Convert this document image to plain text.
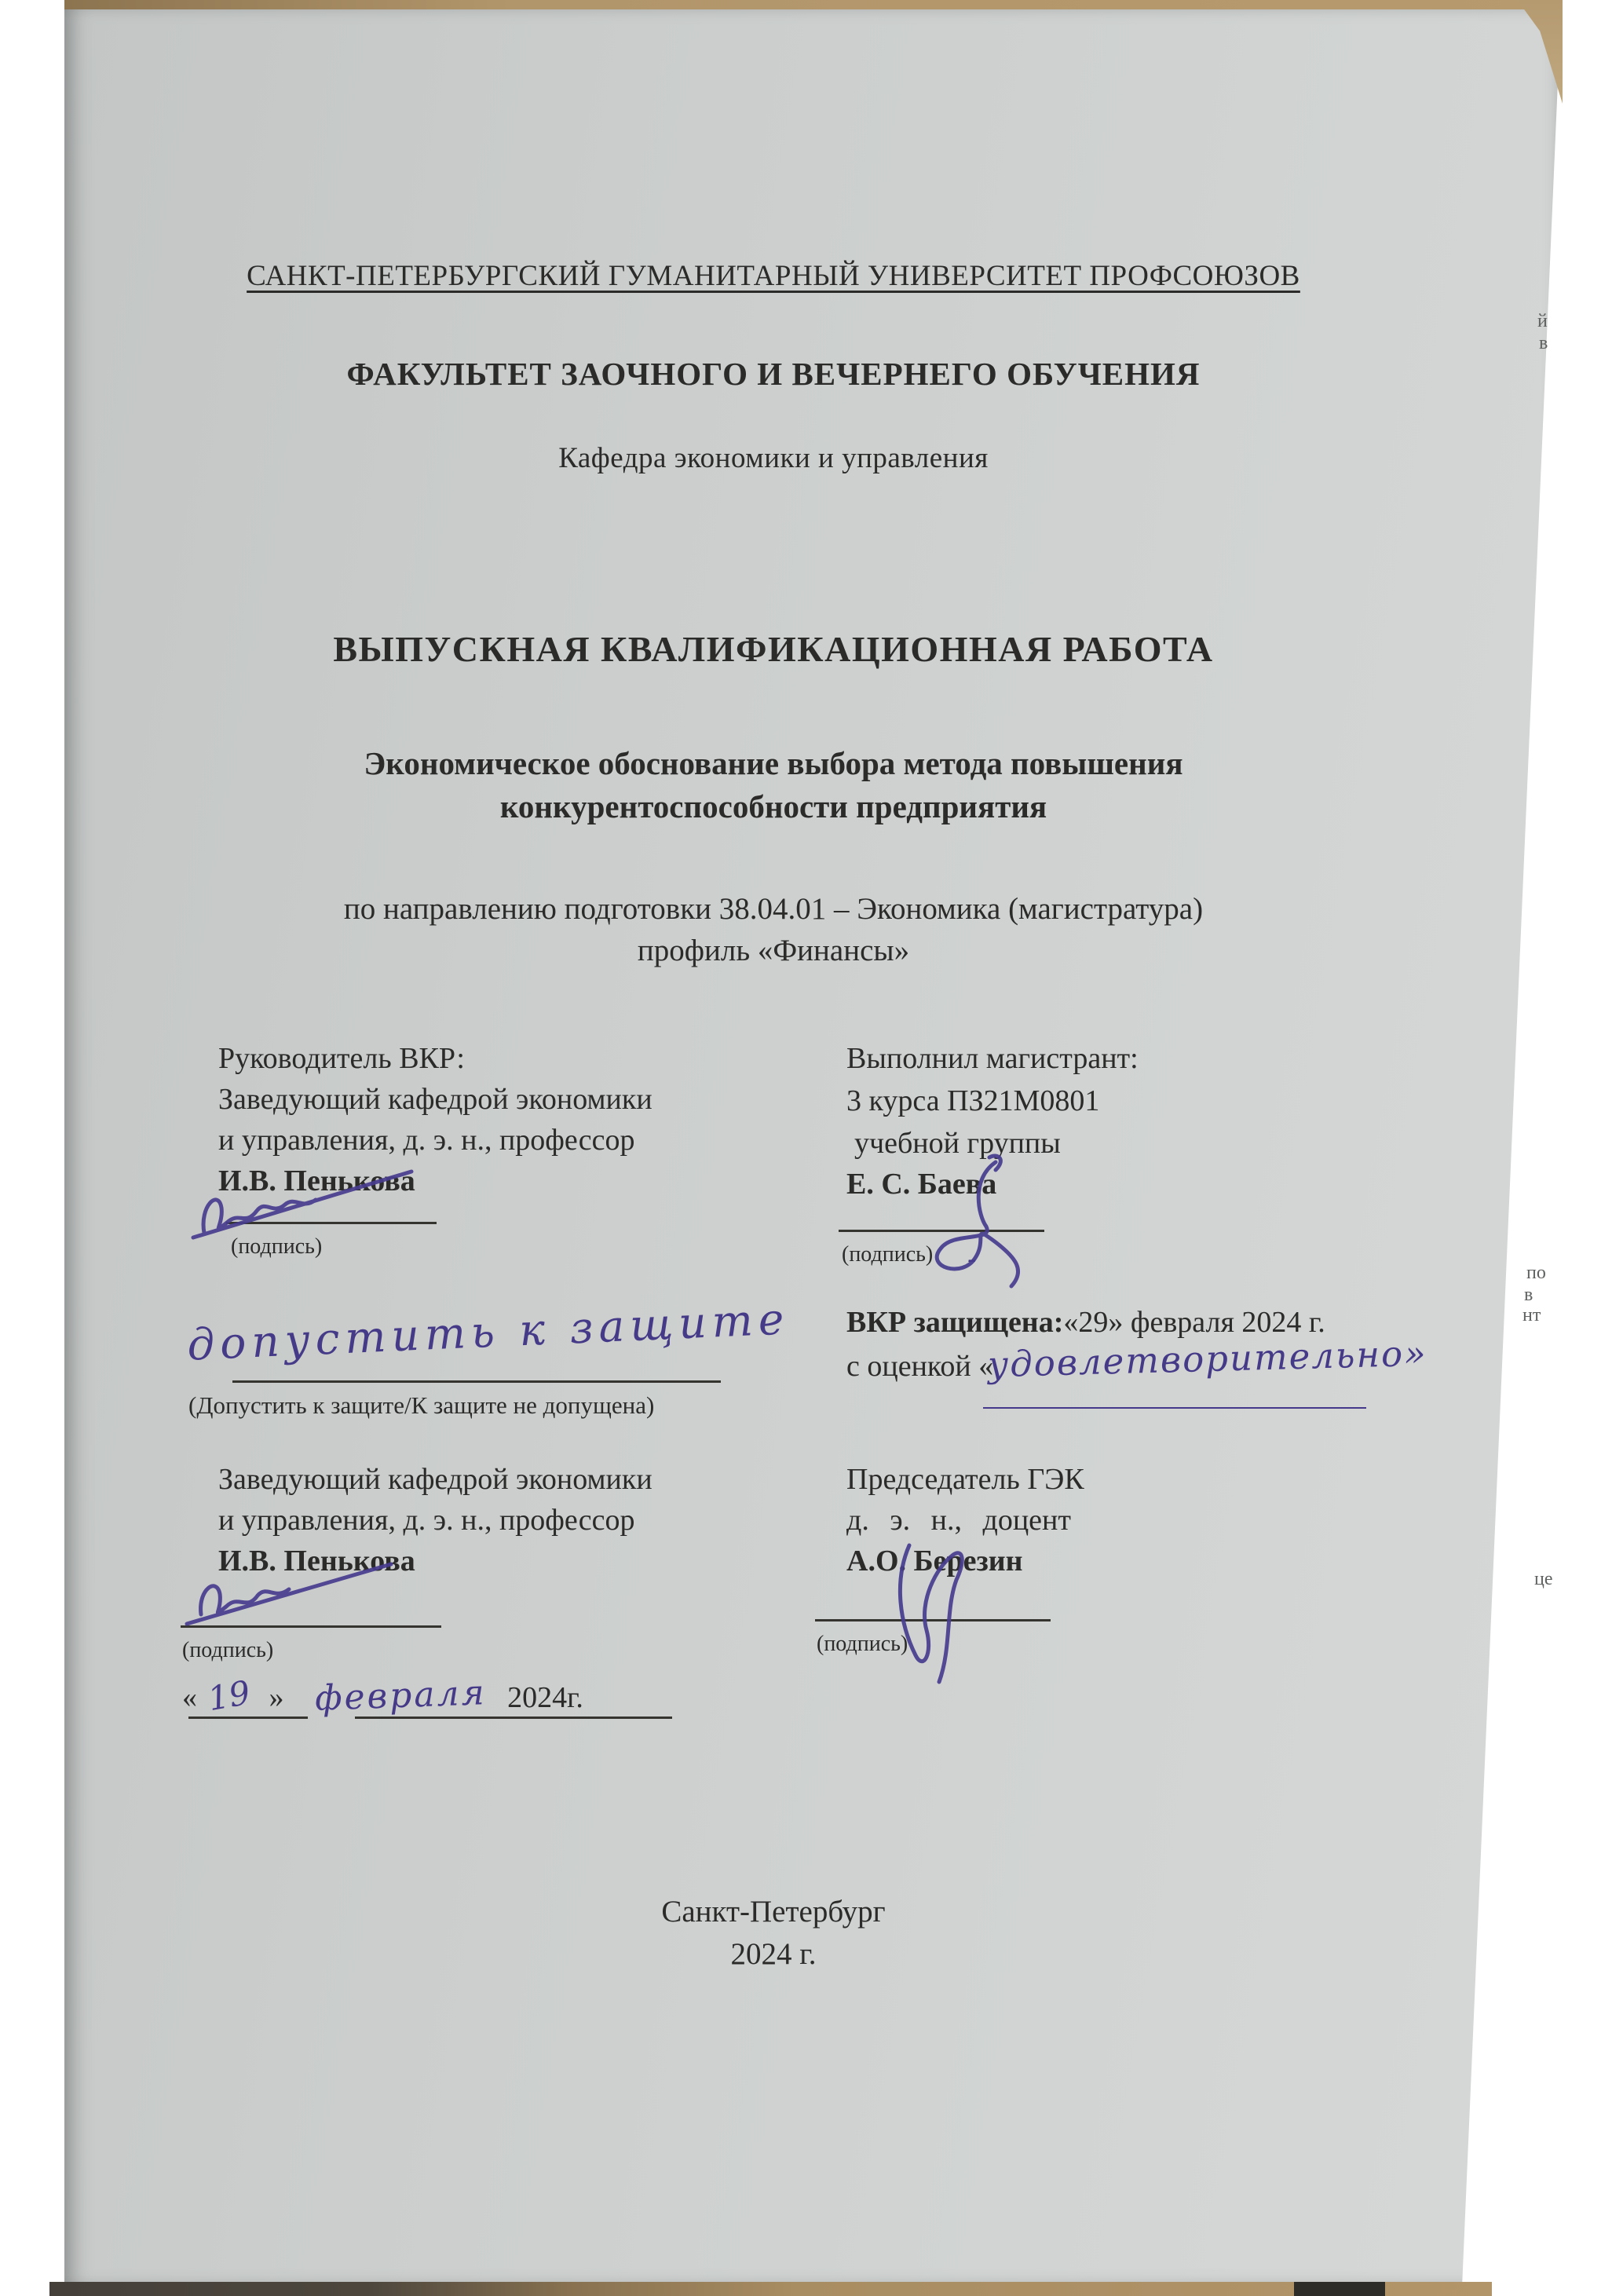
й
в
по
в
нт
це
САНКТ-ПЕТЕРБУРГСКИЙ ГУМАНИТАРНЫЙ УНИВЕРСИТЕТ ПРОФСОЮЗОВ
ФАКУЛЬТЕТ ЗАОЧНОГО И ВЕЧЕРНЕГО ОБУЧЕНИЯ
Кафедра экономики и управления
ВЫПУСКНАЯ КВАЛИФИКАЦИОННАЯ РАБОТА
Экономическое обоснование выбора метода повышения
конкурентоспособности предприятия
по направлению подготовки 38.04.01 – Экономика (магистратура)
профиль «Финансы»
Руководитель ВКР:
Заведующий кафедрой экономики
и управления, д. э. н., профессор
И.В. Пенькова
(подпись)
Выполнил магистрант:
3 курса ПЗ21М0801
учебной группы
Е. С. Баева
(подпись) -
допустить к защите
(Допустить к защите/К защите не допущена)
ВКР защищена:«29» февраля 2024 г.
с оценкой «
удовлетворительно»
Заведующий кафедрой экономики
и управления, д. э. н., профессор
И.В. Пенькова
(подпись)
« 19 » февраля 2024г.
Председатель ГЭК
д. э. н., доцент
А.О. Березин
(подпись)
Санкт-Петербург
2024 г.
